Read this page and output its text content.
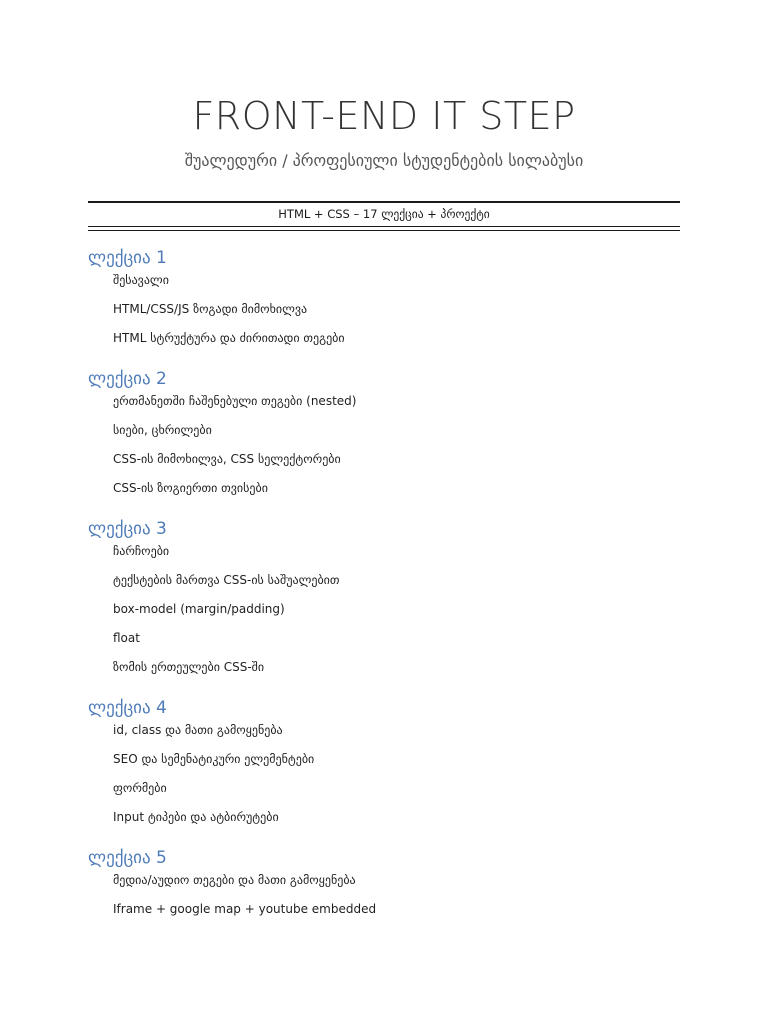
FRONT-END IT STEP

შუალედური / პროფესიული სტუდენტების სილაბუსი

HTML + CSS – 17 ლექცია + პროექტი
ლექცია 1
შესავალი
HTML/CSS/JS ზოგადი მიმოხილვა
HTML სტრუქტურა და ძირითადი თეგები
ლექცია 2
ერთმანეთში ჩაშენებული თეგები (nested)
სიები, ცხრილები
CSS-ის მიმოხილვა, CSS სელექტორები
CSS-ის ზოგიერთი თვისები
ლექცია 3
ჩარჩოები
ტექსტების მართვა CSS-ის საშუალებით
box-model (margin/padding)
float
ზომის ერთეულები CSS-ში
ლექცია 4
id, class და მათი გამოყენება
SEO და სემენატიკური ელემენტები
ფორმები
Input ტიპები და ატბირუტები
ლექცია 5
მედია/აუდიო თეგები და მათი გამოყენება
Iframe + google map + youtube embedded
